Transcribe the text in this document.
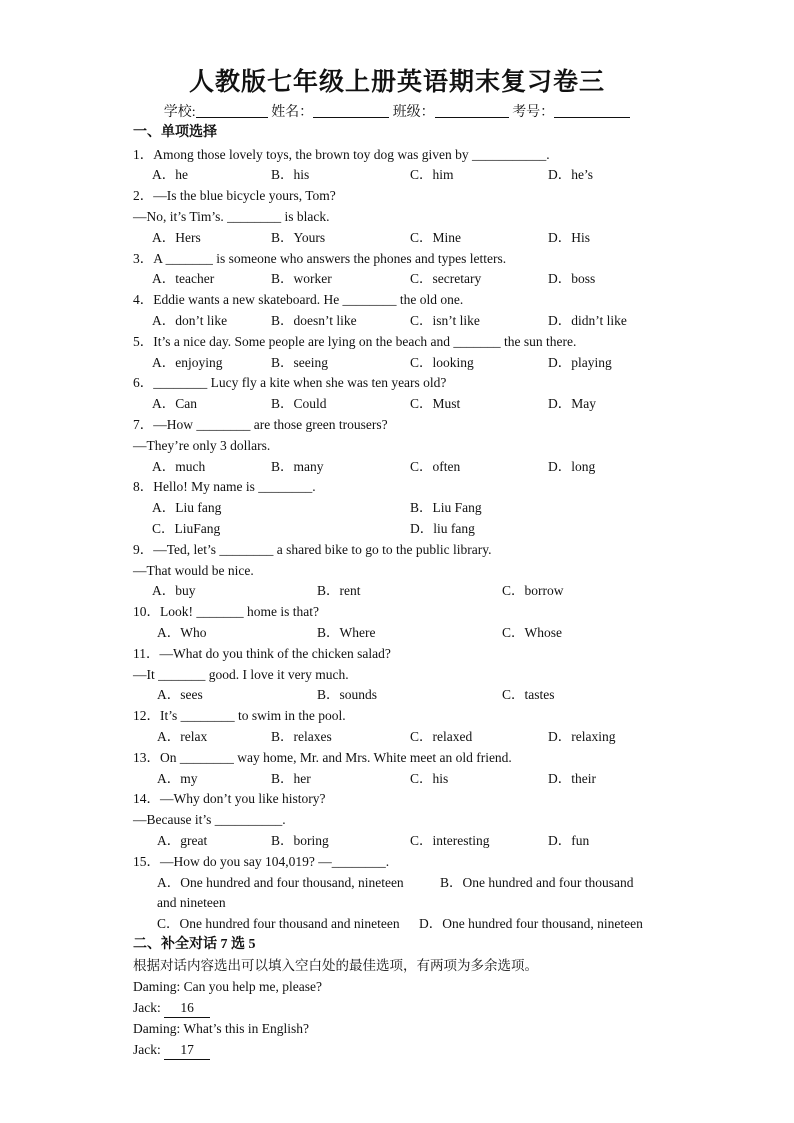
人教版七年级上册英语期末复习卷三
学校:	姓名：	班级：	考号：
一、单项选择
1．Among those lovely toys, the brown toy dog was given by ___________.
A．he	B．his	C．him	D．he’s
2．—Is the blue bicycle yours, Tom?
—No, it’s Tim’s. ________ is black.
A．Hers	B．Yours	C．Mine	D．His
3．A _______ is someone who answers the phones and types letters.
A．teacher	B．worker	C．secretary	D．boss
4．Eddie wants a new skateboard. He ________ the old one.
A．don’t like	B．doesn’t like	C．isn’t like	D．didn’t like
5．It’s a nice day. Some people are lying on the beach and _______ the sun there.
A．enjoying	B．seeing	C．looking	D．playing
6．________ Lucy fly a kite when she was ten years old?
A．Can	B．Could	C．Must	D．May
7．—How ________ are those green trousers?
—They’re only 3 dollars.
A．much	B．many	C．often	D．long
8．Hello! My name is ________.
A．Liu fang	B．Liu Fang
C．LiuFang	D．liu fang
9．—Ted, let’s ________ a shared bike to go to the public library.
—That would be nice.
A．buy	B．rent	C．borrow
10．Look! _______ home is that?
A．Who	B．Where	C．Whose
11．—What do you think of the chicken salad?
—It _______ good. I love it very much.
A．sees	B．sounds	C．tastes
12．It’s ________ to swim in the pool.
A．relax	B．relaxes	C．relaxed	D．relaxing
13．On ________ way home, Mr. and Mrs. White meet an old friend.
A．my	B．her	C．his	D．their
14．—Why don’t you like history?
—Because it’s __________.
A．great	B．boring	C．interesting	D．fun
15．—How do you say 104,019? —________.
A．One hundred and four thousand, nineteen	B．One hundred and four thousand
and nineteen
C．One hundred four thousand and nineteen D．One hundred four thousand, nineteen
二、补全对话 7 选 5
根据对话内容选出可以填入空白处的最佳选项，有两项为多余选项。
Daming: Can you help me, please?
Jack: 16
Daming: What’s this in English?
Jack: 17
